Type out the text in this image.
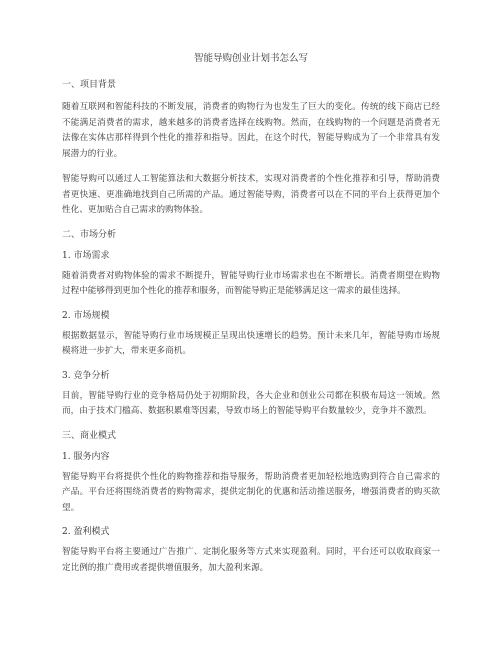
智能导购创业计划书怎么写
一、项目背景

随着互联网和智能科技的不断发展，消费者的购物行为也发生了巨大的变化。传统的线下商店已经不能满足消费者的需求，越来越多的消费者选择在线购物。然而，在线购物的一个问题是消费者无法像在实体店那样得到个性化的推荐和指导。因此，在这个时代，智能导购成为了一个非常具有发展潜力的行业。

智能导购可以通过人工智能算法和大数据分析技术，实现对消费者的个性化推荐和引导，帮助消费者更快速、更准确地找到自己所需的产品。通过智能导购，消费者可以在不同的平台上获得更加个性化、更加贴合自己需求的购物体验。

二、市场分析
1. 市场需求

随着消费者对购物体验的需求不断提升，智能导购行业市场需求也在不断增长。消费者期望在购物过程中能够得到更加个性化的推荐和服务，而智能导购正是能够满足这一需求的最佳选择。

2. 市场规模

根据数据显示，智能导购行业市场规模正呈现出快速增长的趋势。预计未来几年，智能导购市场规模将进一步扩大，带来更多商机。

3. 竞争分析

目前，智能导购行业的竞争格局仍处于初期阶段，各大企业和创业公司都在积极布局这一领域。然而，由于技术门槛高、数据积累难等因素，导致市场上的智能导购平台数量较少，竞争并不激烈。

三、商业模式
1. 服务内容

智能导购平台将提供个性化的购物推荐和指导服务，帮助消费者更加轻松地选购到符合自己需求的产品。平台还将围绕消费者的购物需求，提供定制化的优惠和活动推送服务，增强消费者的购买欲望。

2. 盈利模式

智能导购平台将主要通过广告推广、定制化服务等方式来实现盈利。同时，平台还可以收取商家一定比例的推广费用或者提供增值服务，加大盈利来源。
